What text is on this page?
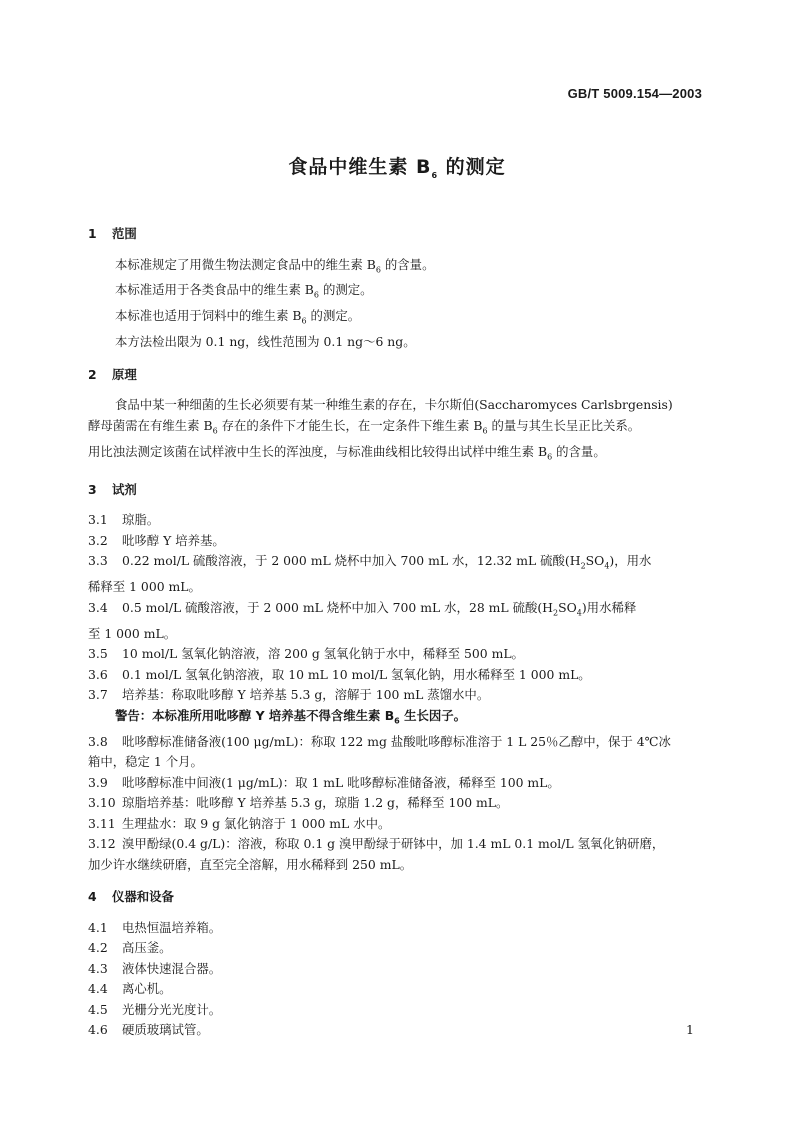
GB/T 5009.154—2003
食品中维生素 $B_6$ 的测定

1 范围

本标准规定了用微生物法测定食品中的维生素 $B_6$ 的含量。

本标准适用于各类食品中的维生素 $B_6$ 的测定。

本标准也适用于饲料中的维生素 $B_6$ 的测定。

本方法检出限为 0.1 ng，线性范围为 0.1 ng～6 ng。

2 原理

食品中某一种细菌的生长必须要有某一种维生素的存在，卡尔斯伯(Saccharomyces Carlsbrgensis)

酵母菌需在有维生素 $B_6$ 存在的条件下才能生长，在一定条件下维生素 $B_6$ 的量与其生长呈正比关系。

用比浊法测定该菌在试样液中生长的浑浊度，与标准曲线相比较得出试样中维生素 $B_6$ 的含量。

3 试剂

3.1 琼脂。

3.2 吡哆醇 Y 培养基。

3.3 0.22 mol/L 硫酸溶液，于 2 000 mL 烧杯中加入 700 mL 水，12.32 mL 硫酸$(H_2SO_4)$，用水

稀释至 1 000 mL。

3.4 0.5 mol/L 硫酸溶液，于 2 000 mL 烧杯中加入 700 mL 水，28 mL 硫酸$(H_2SO_4)$用水稀释

至 1 000 mL。

3.5 10 mol/L 氢氧化钠溶液，溶 200 g 氢氧化钠于水中，稀释至 500 mL。

3.6 0.1 mol/L 氢氧化钠溶液，取 10 mL 10 mol/L 氢氧化钠，用水稀释至 1 000 mL。

3.7 培养基：称取吡哆醇 Y 培养基 5.3 g，溶解于 100 mL 蒸馏水中。

警告：本标准所用吡哆醇 Y 培养基不得含维生素 $B_6$ 生长因子。

3.8 吡哆醇标准储备液(100 μg/mL)：称取 122 mg 盐酸吡哆醇标准溶于 1 L 25％乙醇中，保于 4℃冰

箱中，稳定 1 个月。

3.9 吡哆醇标准中间液(1 μg/mL)：取 1 mL 吡哆醇标准储备液，稀释至 100 mL。

3.10 琼脂培养基：吡哆醇 Y 培养基 5.3 g，琼脂 1.2 g，稀释至 100 mL。

3.11 生理盐水：取 9 g 氯化钠溶于 1 000 mL 水中。

3.12 溴甲酚绿(0.4 g/L)：溶液，称取 0.1 g 溴甲酚绿于研钵中，加 1.4 mL 0.1 mol/L 氢氧化钠研磨，

加少许水继续研磨，直至完全溶解，用水稀释到 250 mL。

4 仪器和设备

4.1 电热恒温培养箱。

4.2 高压釜。

4.3 液体快速混合器。

4.4 离心机。

4.5 光栅分光光度计。

4.6 硬质玻璃试管。	1
